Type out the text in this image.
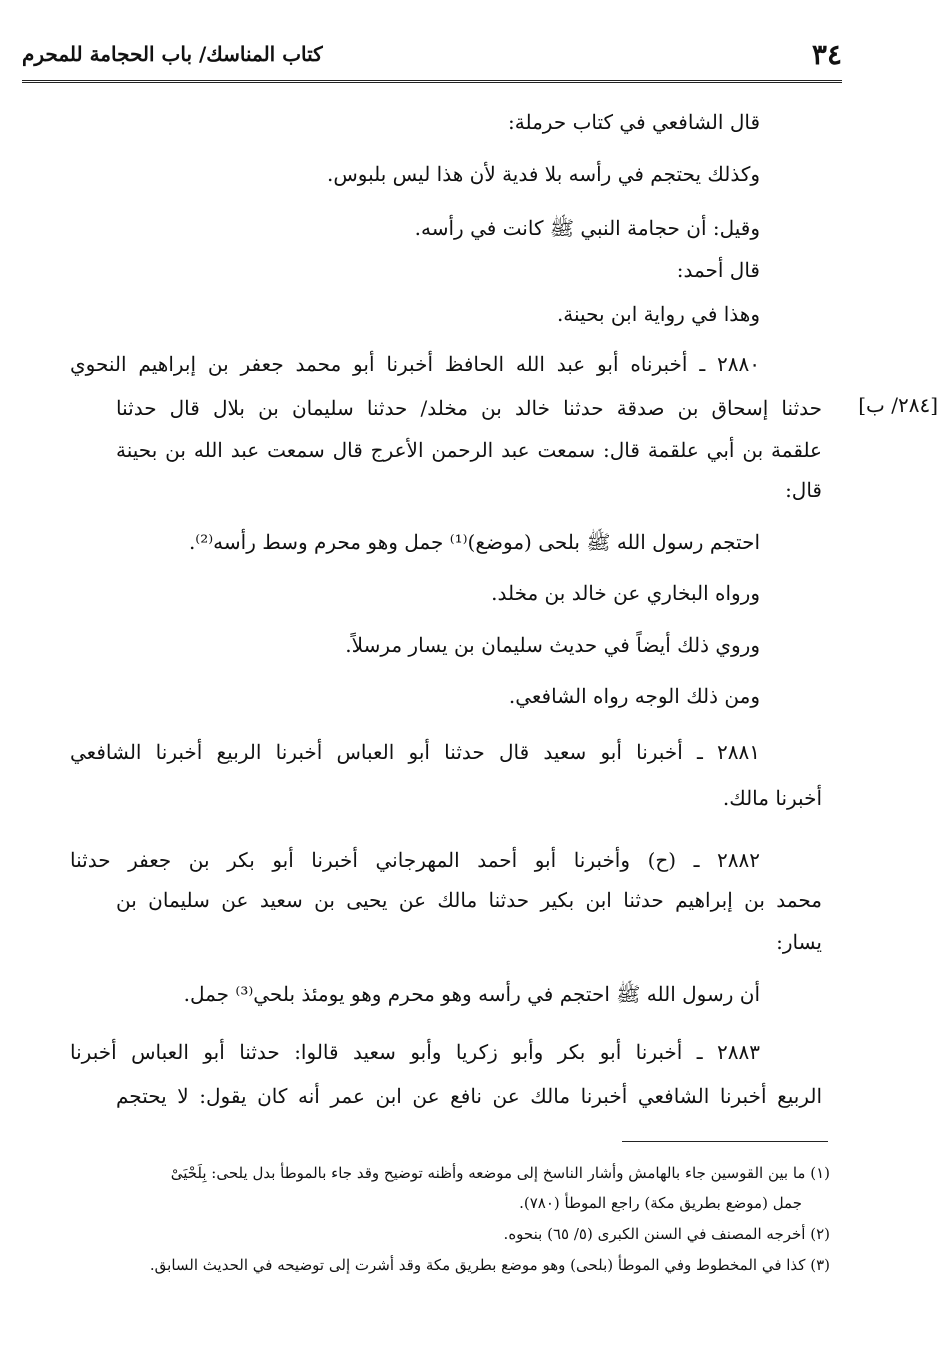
٣٤
كتاب المناسك/ باب الحجامة للمحرم
[٢٨٤/ ب]
قال الشافعي في كتاب حرملة:
وكذلك يحتجم في رأسه بلا فدية لأن هذا ليس بلبوس.
وقيل: أن حجامة النبي ﷺ كانت في رأسه.
قال أحمد:
وهذا في رواية ابن بحينة.
٢٨٨٠ ـ أخبرناه أبو عبد الله الحافظ أخبرنا أبو محمد جعفر بن إبراهيم النحوي
حدثنا إسحاق بن صدقة حدثنا خالد بن مخلد/ حدثنا سليمان بن بلال قال حدثنا
علقمة بن أبي علقمة قال: سمعت عبد الرحمن الأعرج قال سمعت عبد الله بن بحينة
قال:
احتجم رسول الله ﷺ بلحى (موضع)⁽¹⁾ جمل وهو محرم وسط رأسه⁽²⁾.
ورواه البخاري عن خالد بن مخلد.
وروي ذلك أيضاً في حديث سليمان بن يسار مرسلاً.
ومن ذلك الوجه رواه الشافعي.
٢٨٨١ ـ أخبرنا أبو سعيد قال حدثنا أبو العباس أخبرنا الربيع أخبرنا الشافعي
أخبرنا مالك.
٢٨٨٢ ـ (ح) وأخبرنا أبو أحمد المهرجاني أخبرنا أبو بكر بن جعفر حدثنا
محمد بن إبراهيم حدثنا ابن بكير حدثنا مالك عن يحيى بن سعيد عن سليمان بن
يسار:
أن رسول الله ﷺ احتجم في رأسه وهو محرم وهو يومئذ بلحي⁽³⁾ جمل.
٢٨٨٣ ـ أخبرنا أبو بكر وأبو زكريا وأبو سعيد قالوا: حدثنا أبو العباس أخبرنا
الربيع أخبرنا الشافعي أخبرنا مالك عن نافع عن ابن عمر أنه كان يقول: لا يحتجم
(١) ما بين القوسين جاء بالهامش وأشار الناسخ إلى موضعه وأظنه توضيح وقد جاء بالموطأ بدل يلحى: بِلَحْيَىْ
جمل (موضع بطريق مكة) راجع الموطأ (٧٨٠).
(٢) أخرجه المصنف في السنن الكبرى (٥/ ٦٥) بنحوه.
(٣) كذا في المخطوط وفي الموطأ (بلحى) وهو موضع بطريق مكة وقد أشرت إلى توضيحه في الحديث السابق.
